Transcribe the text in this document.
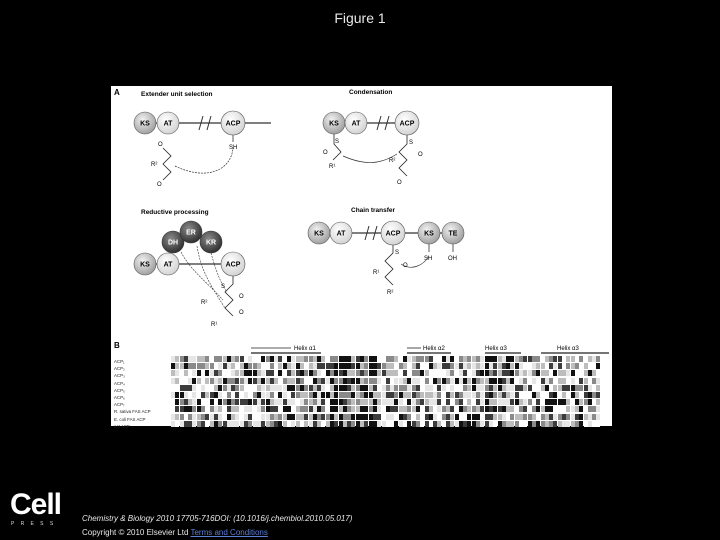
Figure 1
A
B
Extender unit selection	Condensation
Reductive processing	Chain transfer
KS AT	ACP
SH
O
R²
O
KS AT	ACP
S
O
R¹
S
R²
O
O
DH
ER
KR
KS AT	ACP
S
R²
R¹
O
O
KS AT	ACP	KS TE
SH	OH
S
O
R¹
R²
Helix α1	Helix α2	Helix α3	Helix α3
ACP₁
ACP₂
ACP₃
ACP₄
ACP₅
ACP₆
ACP₇
R. sativa FAS ACP
E. coli FAS ACP
act ACP
Cell
PRESS
Chemistry & Biology 2010 17705-716DOI: (10.1016/j.chembiol.2010.05.017)
Copyright © 2010 Elsevier Ltd Terms and Conditions
